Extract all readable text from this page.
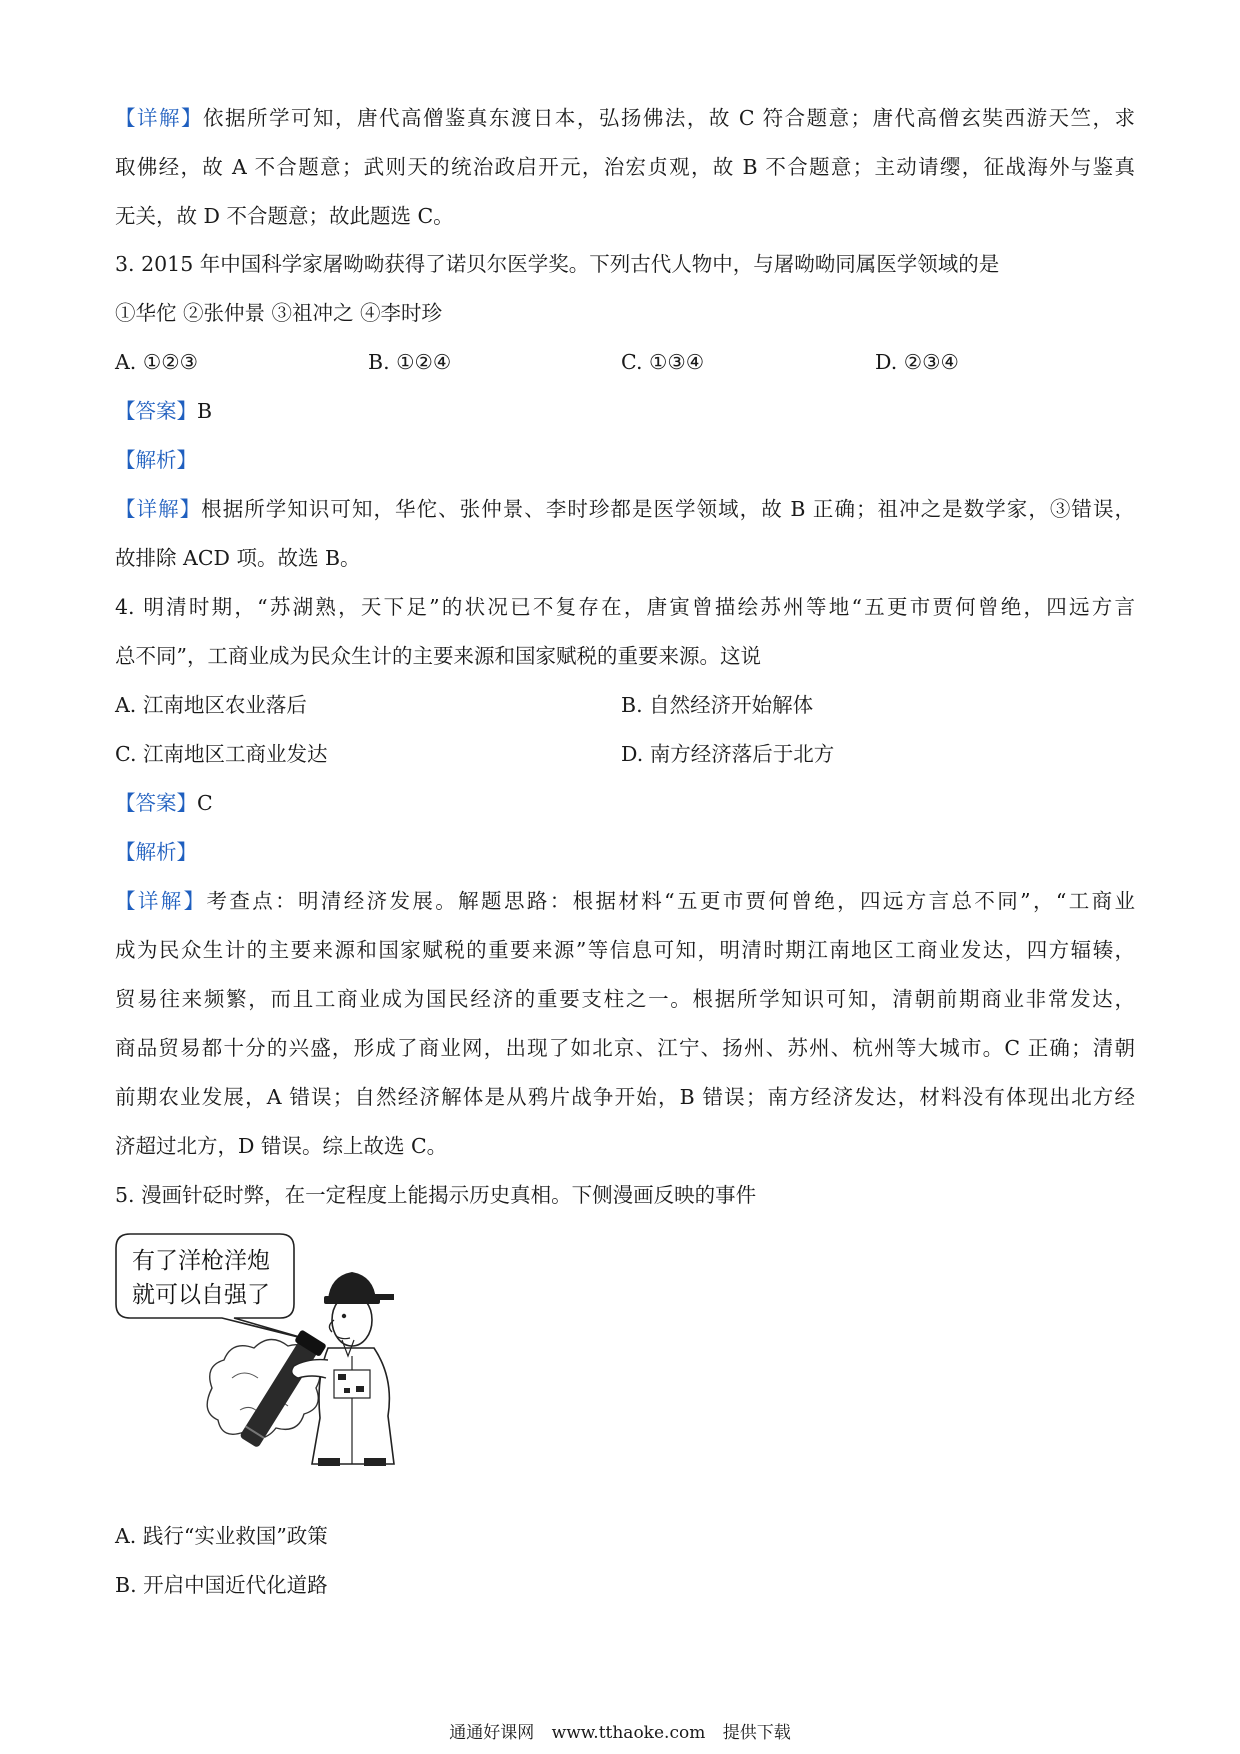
【详解】依据所学可知，唐代高僧鉴真东渡日本，弘扬佛法，故 C 符合题意；唐代高僧玄奘西游天竺，求
取佛经，故 A 不合题意；武则天的统治政启开元，治宏贞观，故 B 不合题意；主动请缨，征战海外与鉴真
无关，故 D 不合题意；故此题选 C。
3. 2015 年中国科学家屠呦呦获得了诺贝尔医学奖。下列古代人物中，与屠呦呦同属医学领域的是
①华佗 ②张仲景 ③祖冲之 ④李时珍
A. ①②③	B. ①②④	C. ①③④	D. ②③④
【答案】B
【解析】
【详解】根据所学知识可知，华佗、张仲景、李时珍都是医学领域，故 B 正确；祖冲之是数学家，③错误，
故排除 ACD 项。故选 B。
4. 明清时期，“苏湖熟，天下足”的状况已不复存在，唐寅曾描绘苏州等地“五更市贾何曾绝，四远方言
总不同”，工商业成为民众生计的主要来源和国家赋税的重要来源。这说
A. 江南地区农业落后	B. 自然经济开始解体
C. 江南地区工商业发达	D. 南方经济落后于北方
【答案】C
【解析】
【详解】考查点：明清经济发展。解题思路：根据材料“五更市贾何曾绝，四远方言总不同”，“工商业
成为民众生计的主要来源和国家赋税的重要来源”等信息可知，明清时期江南地区工商业发达，四方辐辏，
贸易往来频繁，而且工商业成为国民经济的重要支柱之一。根据所学知识可知，清朝前期商业非常发达，
商品贸易都十分的兴盛，形成了商业网，出现了如北京、江宁、扬州、苏州、杭州等大城市。C 正确；清朝
前期农业发展，A 错误；自然经济解体是从鸦片战争开始，B 错误；南方经济发达，材料没有体现出北方经
济超过北方，D 错误。综上故选 C。
5. 漫画针砭时弊，在一定程度上能揭示历史真相。下侧漫画反映的事件
有了洋枪洋炮
就可以自强了
A. 践行“实业救国”政策
B. 开启中国近代化道路
通通好课网 www.tthaoke.com 提供下载
